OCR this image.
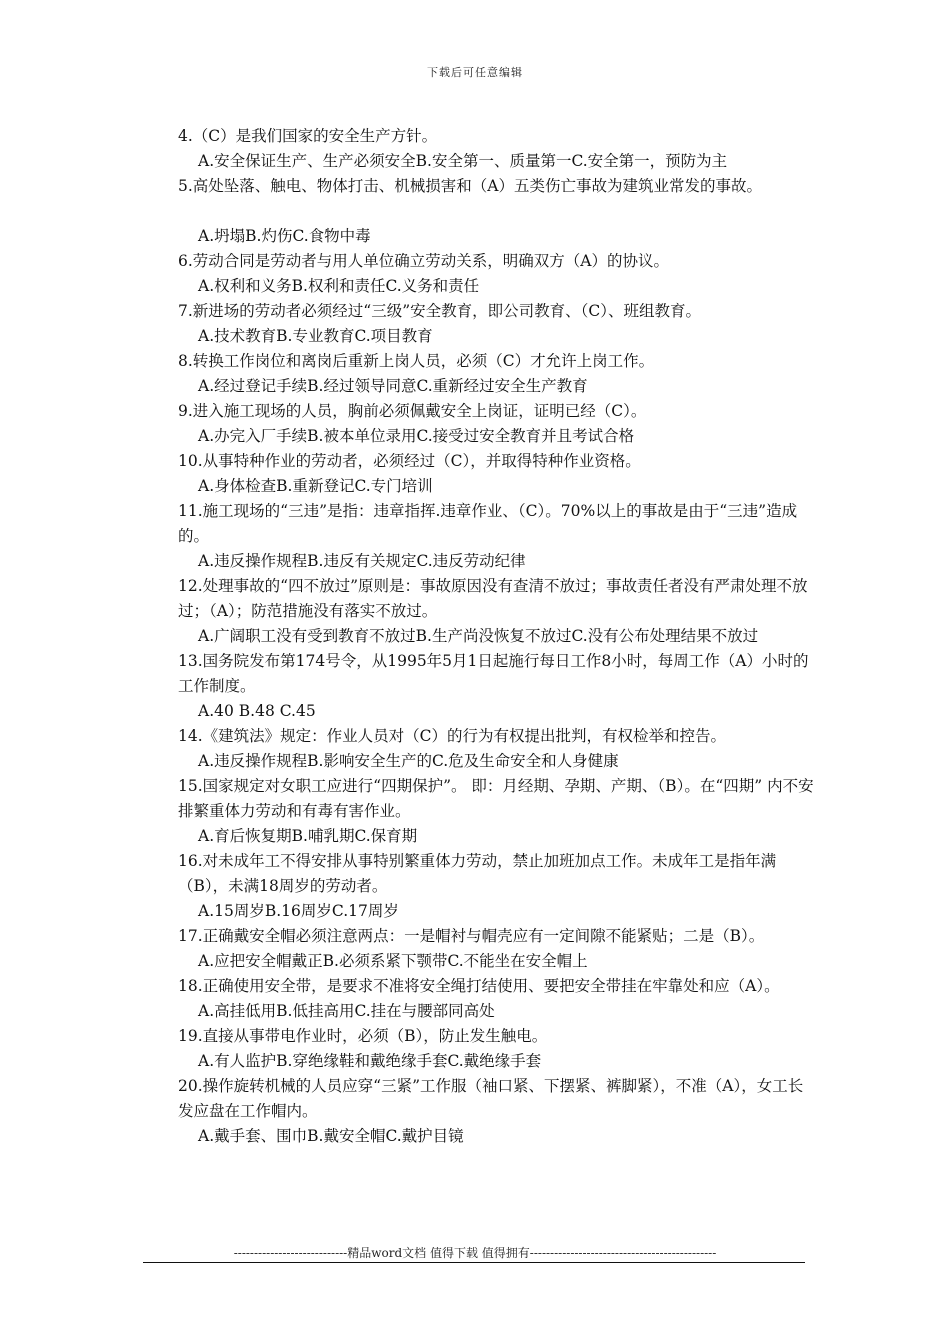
下载后可任意编辑

4.（C）是我们国家的安全生产方针。

A.安全保证生产、生产必须安全B.安全第一、质量第一C.安全第一，预防为主

5.高处坠落、触电、物体打击、机械损害和（A）五类伤亡事故为建筑业常发的事故。

A.坍塌B.灼伤C.食物中毒

6.劳动合同是劳动者与用人单位确立劳动关系，明确双方（A）的协议。

A.权利和义务B.权利和责任C.义务和责任

7.新进场的劳动者必须经过“三级”安全教育，即公司教育、（C）、班组教育。

A.技术教育B.专业教育C.项目教育

8.转换工作岗位和离岗后重新上岗人员，必须（C）才允许上岗工作。

A.经过登记手续B.经过领导同意C.重新经过安全生产教育

9.进入施工现场的人员，胸前必须佩戴安全上岗证，证明已经（C）。

A.办完入厂手续B.被本单位录用C.接受过安全教育并且考试合格

10.从事特种作业的劳动者，必须经过（C），并取得特种作业资格。

A.身体检查B.重新登记C.专门培训

11.施工现场的“三违”是指：违章指挥.违章作业、（C）。70%以上的事故是由于“三违”造成的。

A.违反操作规程B.违反有关规定C.违反劳动纪律

12.处理事故的“四不放过”原则是：事故原因没有查清不放过；事故责任者没有严肃处理不放过；（A）；防范措施没有落实不放过。

A.广阔职工没有受到教育不放过B.生产尚没恢复不放过C.没有公布处理结果不放过

13.国务院发布第174号令，从1995年5月1日起施行每日工作8小时，每周工作（A）小时的工作制度。

A.40 B.48 C.45

14.《建筑法》规定：作业人员对（C）的行为有权提出批判，有权检举和控告。

A.违反操作规程B.影响安全生产的C.危及生命安全和人身健康

15.国家规定对女职工应进行“四期保护”。 即：月经期、孕期、产期、（B）。在“四期” 内不安排繁重体力劳动和有毒有害作业。

A.育后恢复期B.哺乳期C.保育期

16.对未成年工不得安排从事特别繁重体力劳动，禁止加班加点工作。未成年工是指年满（B），未满18周岁的劳动者。

A.15周岁B.16周岁C.17周岁

17.正确戴安全帽必须注意两点：一是帽衬与帽壳应有一定间隙不能紧贴；二是（B）。

A.应把安全帽戴正B.必须系紧下颚带C.不能坐在安全帽上

18.正确使用安全带，是要求不准将安全绳打结使用、要把安全带挂在牢靠处和应（A）。

A.高挂低用B.低挂高用C.挂在与腰部同高处

19.直接从事带电作业时，必须（B），防止发生触电。

A.有人监护B.穿绝缘鞋和戴绝缘手套C.戴绝缘手套

20.操作旋转机械的人员应穿“三紧”工作服（袖口紧、下摆紧、裤脚紧），不准（A），女工长发应盘在工作帽内。

A.戴手套、围巾B.戴安全帽C.戴护目镜

----------------------------精品word文档 值得下载 值得拥有----------------------------------------------
